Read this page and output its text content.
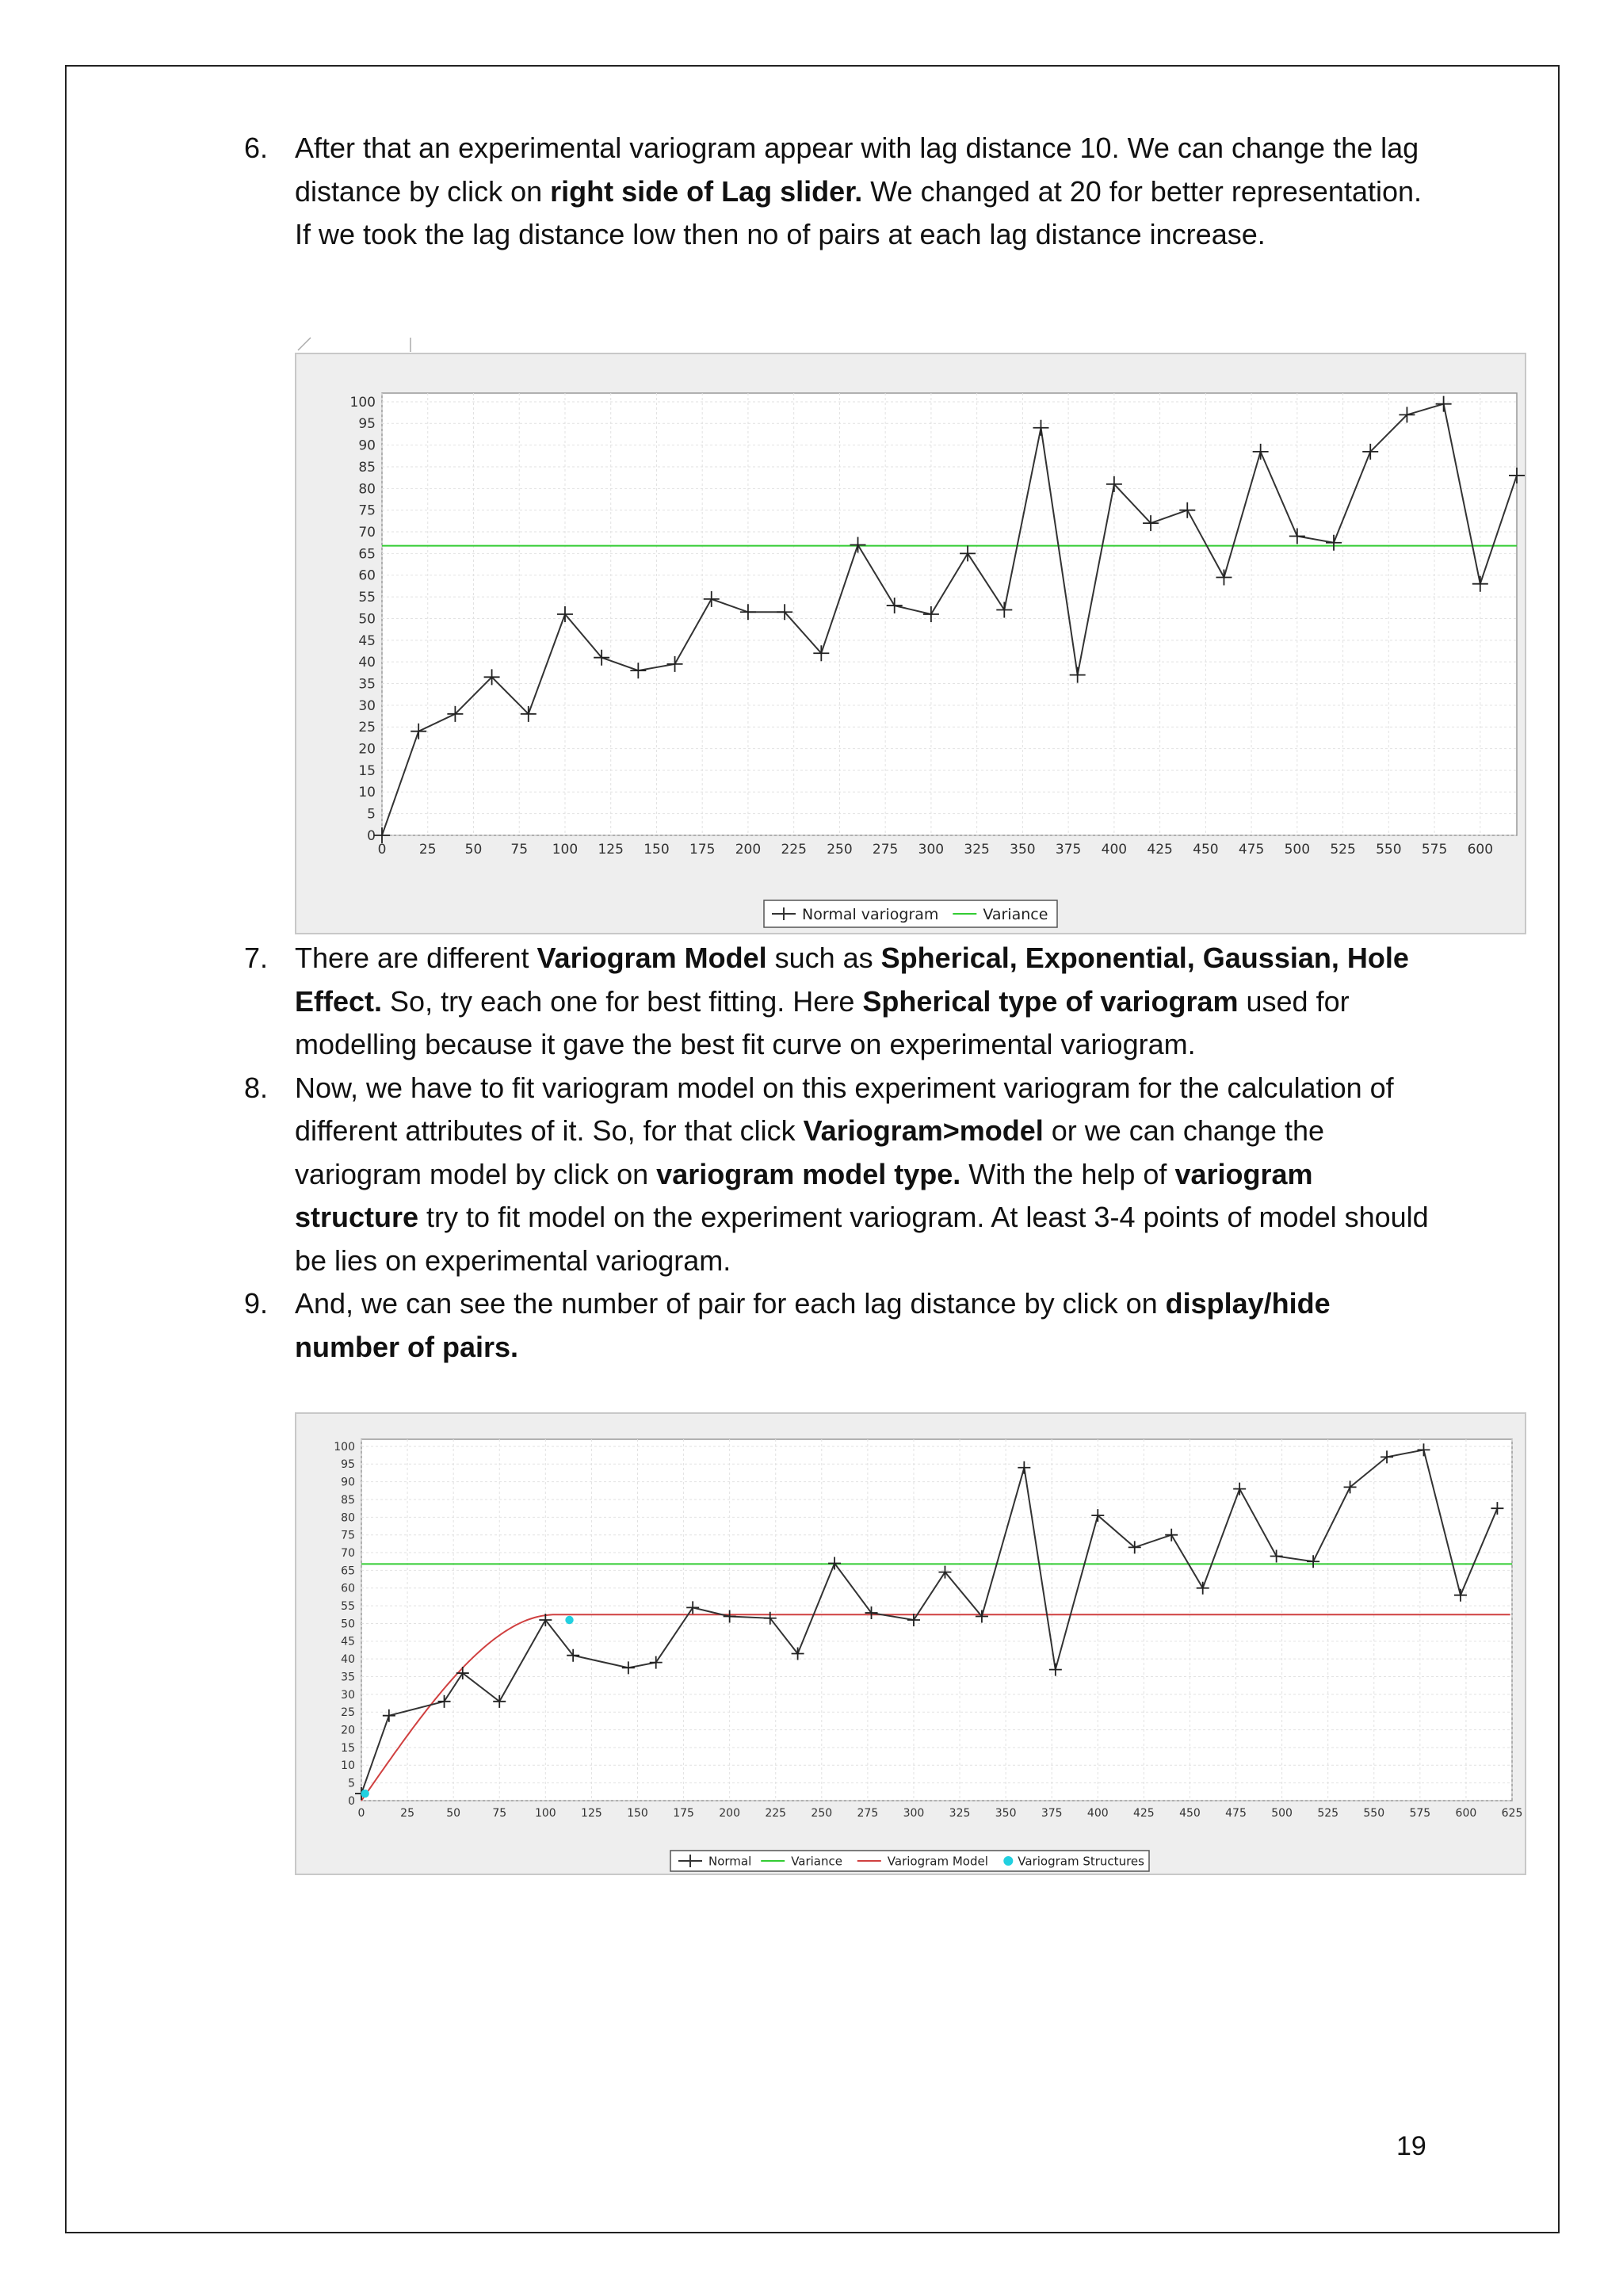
6. After that an experimental variogram appear with lag distance 10. We can change the lag distance by click on right side of Lag slider. We changed at 20 for better representation. If we took the lag distance low then no of pairs at each lag distance increase.

0 25 50 75 100 125 150 175 200 225 250 275 300 325 350 375 400 425 450 475 500 525 550 575 600
0
5
10
15
20
25
30
35
40
45
50
55
60
65
70
75
80
85
90
95
100
Normal variogram	Variance
7. There are different Variogram Model such as Spherical, Exponential, Gaussian, Hole Effect. So, try each one for best fitting. Here Spherical type of variogram used for modelling because it gave the best fit curve on experimental variogram.

8. Now, we have to fit variogram model on this experiment variogram for the calculation of different attributes of it. So, for that click Variogram>model or we can change the variogram model by click on variogram model type. With the help of variogram structure try to fit model on the experiment variogram. At least 3-4 points of model should be lies on experimental variogram.

9. And, we can see the number of pair for each lag distance by click on display/hide number of pairs.

0	25	50	75	100 125 150 175 200 225 250 275 300 325 350 375 400 425 450 475 500 525 550 575 600 625
0
5
10
15
20
25
30
35
40
45
50
55
60
65
70
75
80
85
90
95
100
Normal	Variance	Variogram Model Variogram Structures
19
